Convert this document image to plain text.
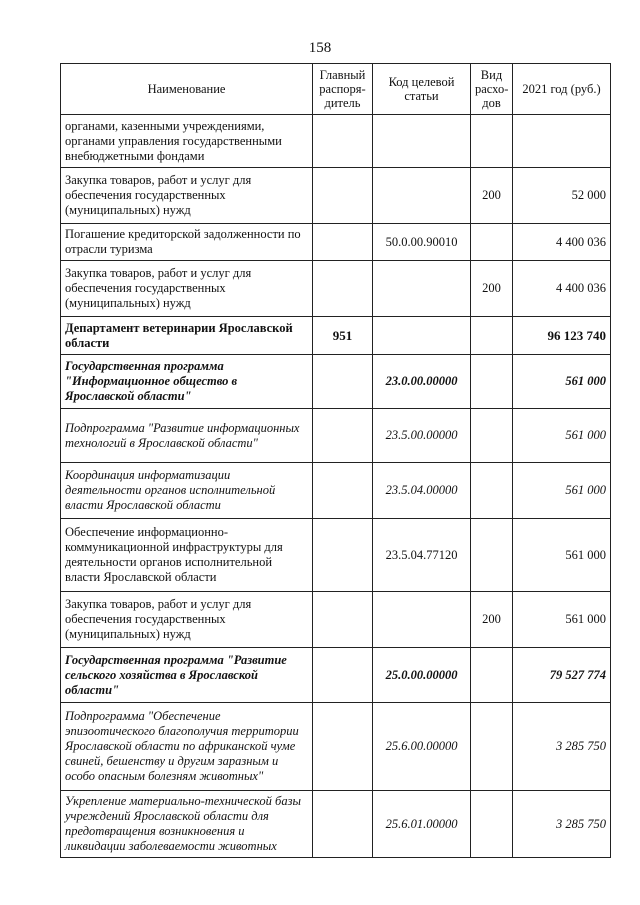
158
Наименование	Главный распоря- дитель	Код целевой статьи	Вид расхо- дов	2021 год (руб.)
органами, казенными учреждениями, органами управления государственными внебюджетными фондами				
Закупка товаров, работ и услуг для обеспечения государственных (муниципальных) нужд			200	52 000
Погашение кредиторской задолженности по отрасли туризма		50.0.00.90010		4 400 036
Закупка товаров, работ и услуг для обеспечения государственных (муниципальных) нужд			200	4 400 036
Департамент ветеринарии Ярославской области	951			96 123 740
Государственная программа "Информационное общество в Ярославской области"		23.0.00.00000		561 000
Подпрограмма "Развитие информационных технологий в Ярославской области"		23.5.00.00000		561 000
Координация информатизации деятельности органов исполнительной власти Ярославской области		23.5.04.00000		561 000
Обеспечение информационно-коммуникационной инфраструктуры для деятельности органов исполнительной власти Ярославской области		23.5.04.77120		561 000
Закупка товаров, работ и услуг для обеспечения государственных (муниципальных) нужд			200	561 000
Государственная программа "Развитие сельского хозяйства в Ярославской области"		25.0.00.00000		79 527 774
Подпрограмма "Обеспечение эпизоотического благополучия территории Ярославской области по африканской чуме свиней, бешенству и другим заразным и особо опасным болезням животных"		25.6.00.00000		3 285 750
Укрепление материально-технической базы учреждений Ярославской области для предотвращения возникновения и ликвидации заболеваемости животных		25.6.01.00000		3 285 750
